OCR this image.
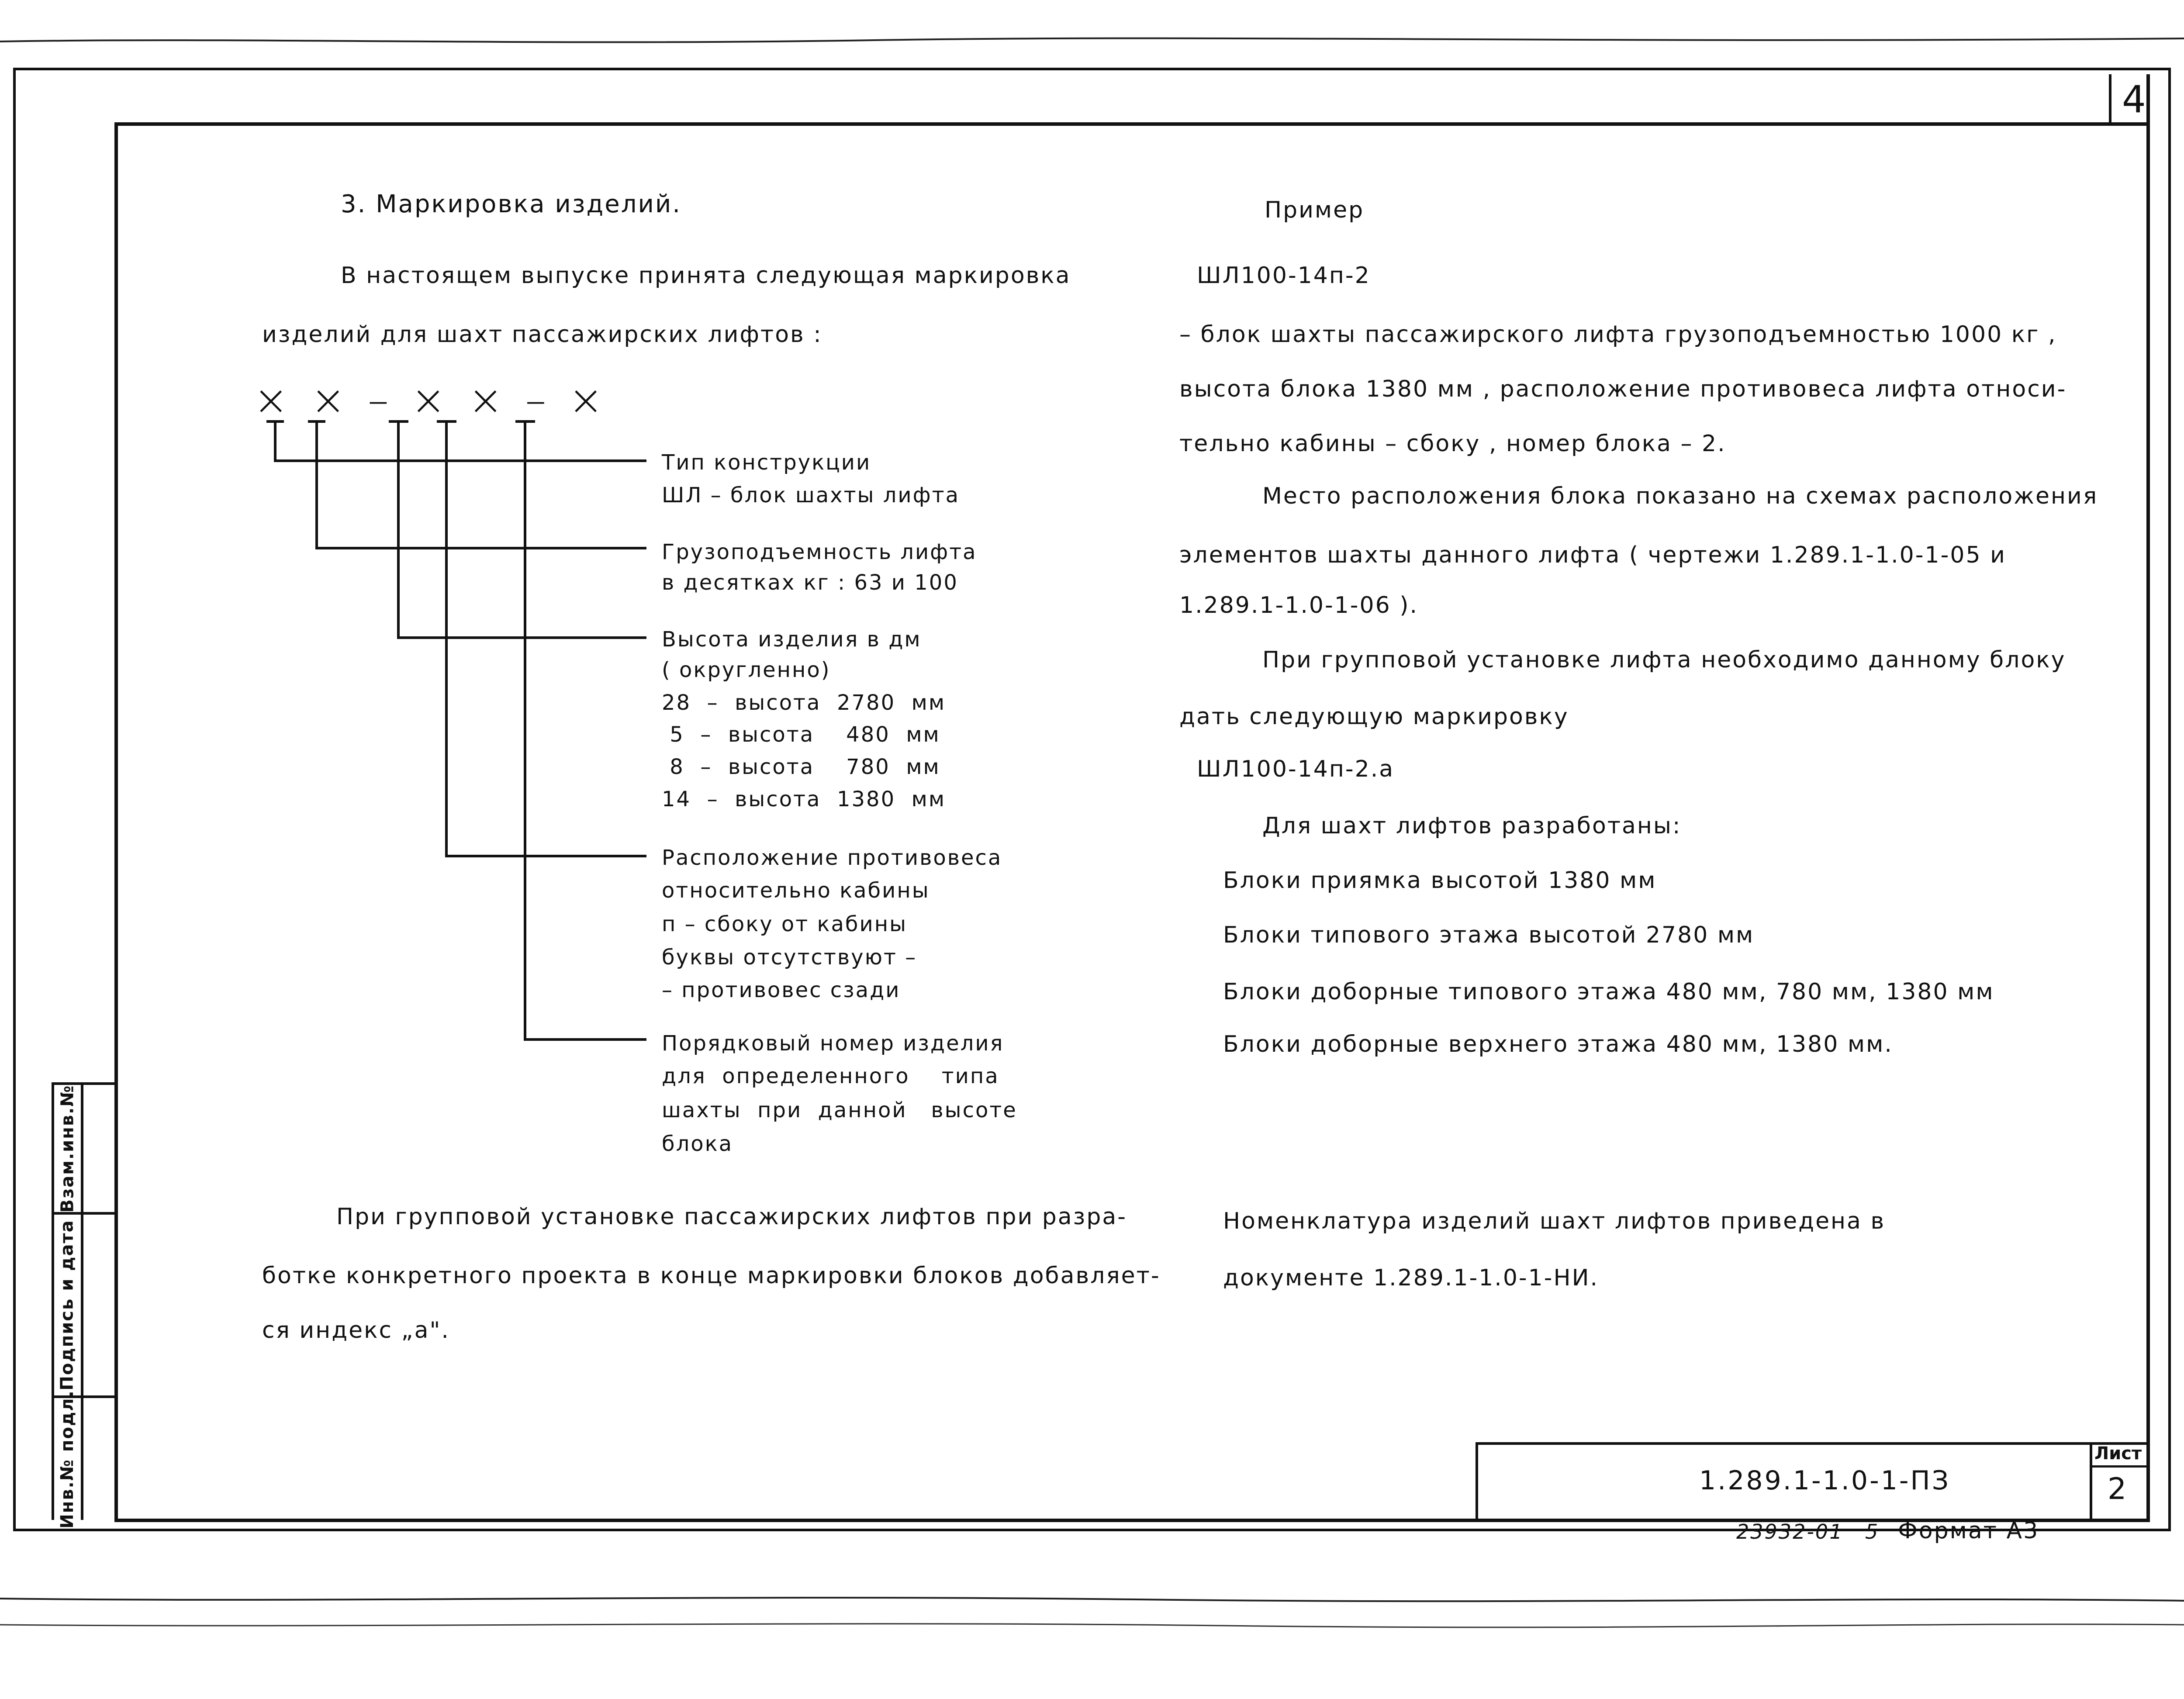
4
Взам.инв.№
Подпись и дата
Инв.№ подл.
3. Маркировка изделий.
В настоящем выпуске принята следующая маркировка
изделий для шахт пассажирских лифтов :
× × – × × – ×
Тип конструкции
ШЛ – блок шахты лифта
Грузоподъемность лифта
в десятках кг : 63 и 100
Высота изделия в дм
( округленно)
28  –  высота  2780  мм
5  –  высота    480  мм
8  –  высота    780  мм
14  –  высота  1380  мм
Расположение противовеса
относительно кабины
п – сбоку от кабины
буквы отсутствуют –
– противовес сзади
Порядковый номер изделия
для  определенного    типа
шахты  при  данной   высоте
блока
При групповой установке пассажирских лифтов при разра-
ботке конкретного проекта в конце маркировки блоков добавляет-
ся индекс „а".
Пример
ШЛ100-14п-2
– блок шахты пассажирского лифта грузоподъемностью 1000 кг ,
высота блока 1380 мм , расположение противовеса лифта относи-
тельно кабины – сбоку , номер блока – 2.
Место расположения блока показано на схемах расположения
элементов шахты данного лифта ( чертежи 1.289.1-1.0-1-05 и
1.289.1-1.0-1-06 ).
При групповой установке лифта необходимо данному блоку
дать следующую маркировку
ШЛ100-14п-2.а
Для шахт лифтов разработаны:
Блоки приямка высотой 1380 мм
Блоки типового этажа высотой 2780 мм
Блоки доборные типового этажа 480 мм, 780 мм, 1380 мм
Блоки доборные верхнего этажа 480 мм, 1380 мм.
Номенклатура изделий шахт лифтов приведена в
документе 1.289.1-1.0-1-НИ.
1.289.1-1.0-1-ПЗ
Лист
2
23932-01 5 Формат А3
